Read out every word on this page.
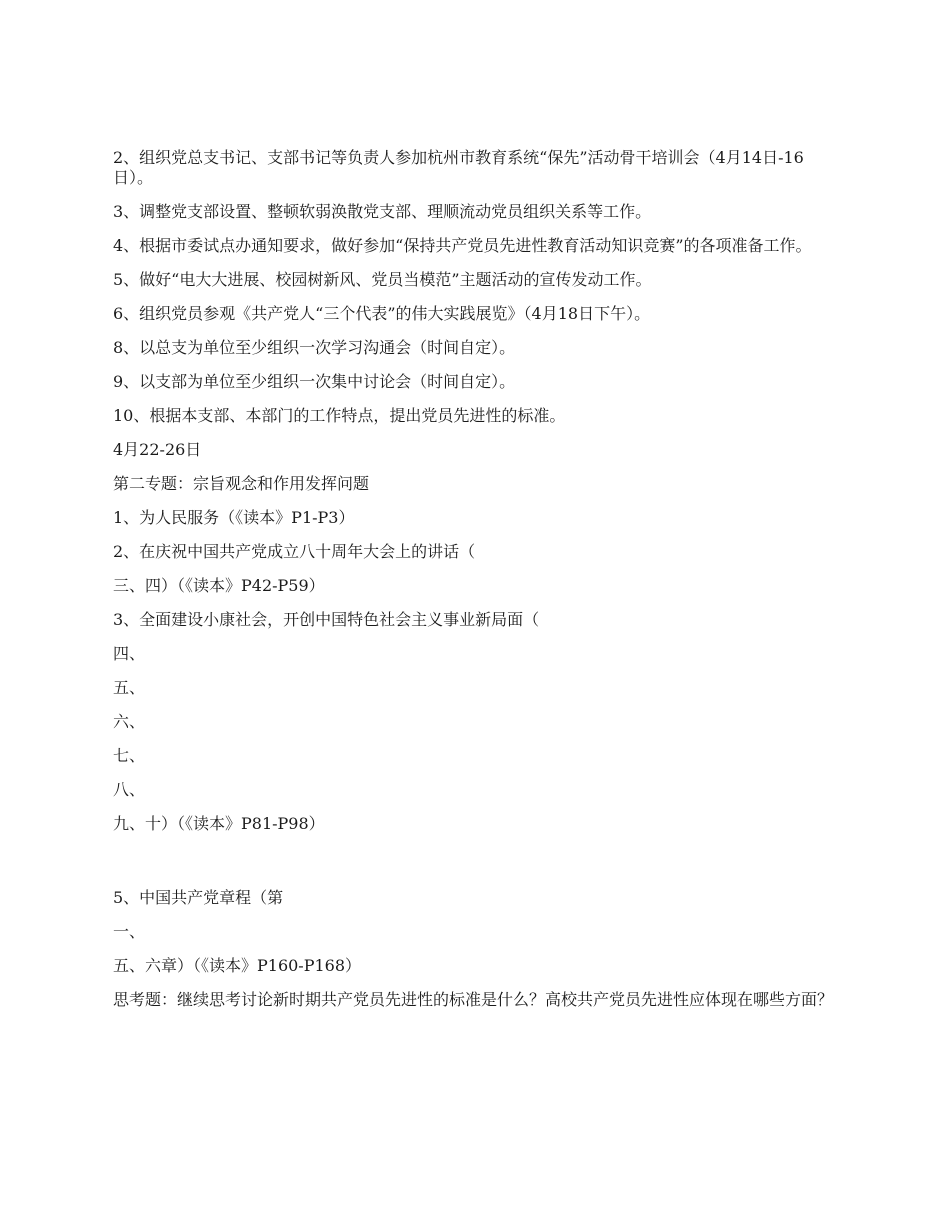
2、组织党总支书记、支部书记等负责人参加杭州市教育系统“保先”活动骨干培训会（4月14日-16日）。

3、调整党支部设置、整顿软弱涣散党支部、理顺流动党员组织关系等工作。

4、根据市委试点办通知要求，做好参加“保持共产党员先进性教育活动知识竞赛”的各项准备工作。

5、做好“电大大进展、校园树新风、党员当模范”主题活动的宣传发动工作。

6、组织党员参观《共产党人“三个代表”的伟大实践展览》（4月18日下午）。

8、以总支为单位至少组织一次学习沟通会（时间自定）。

9、以支部为单位至少组织一次集中讨论会（时间自定）。

10、根据本支部、本部门的工作特点，提出党员先进性的标准。

4月22-26日

第二专题：宗旨观念和作用发挥问题

1、为人民服务（《读本》P1-P3）

2、在庆祝中国共产党成立八十周年大会上的讲话（

三、四）（《读本》P42-P59）

3、全面建设小康社会，开创中国特色社会主义事业新局面（

四、

五、

六、

七、

八、

九、十）（《读本》P81-P98）

5、中国共产党章程（第

一、

五、六章）（《读本》P160-P168）

思考题：继续思考讨论新时期共产党员先进性的标准是什么？高校共产党员先进性应体现在哪些方面？
